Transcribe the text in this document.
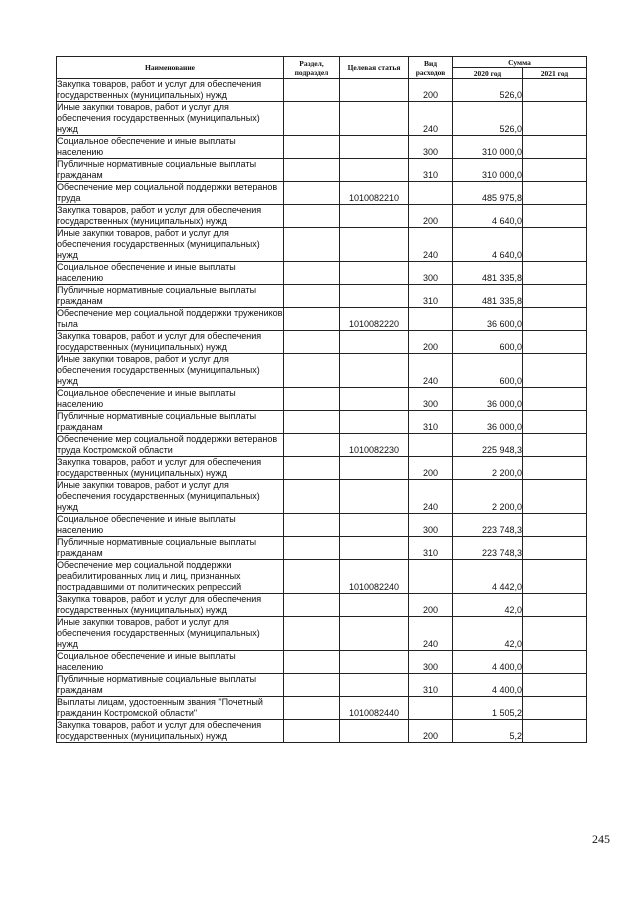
Наименование	Раздел, подраздел	Целевая статья	Вид расходов	Сумма	
				2020 год	2021 год
Закупка товаров, работ и услуг для обеспечения государственных (муниципальных) нужд			200	526,0	
Иные закупки товаров, работ и услуг для обеспечения государственных (муниципальных) нужд			240	526,0	
Социальное обеспечение и иные выплаты населению			300	310 000,0	
Публичные нормативные социальные выплаты гражданам			310	310 000,0	
Обеспечение мер социальной поддержки ветеранов труда		1010082210		485 975,8	
Закупка товаров, работ и услуг для обеспечения государственных (муниципальных) нужд			200	4 640,0	
Иные закупки товаров, работ и услуг для обеспечения государственных (муниципальных) нужд			240	4 640,0	
Социальное обеспечение и иные выплаты населению			300	481 335,8	
Публичные нормативные социальные выплаты гражданам			310	481 335,8	
Обеспечение мер социальной поддержки тружеников тыла		1010082220		36 600,0	
Закупка товаров, работ и услуг для обеспечения государственных (муниципальных) нужд			200	600,0	
Иные закупки товаров, работ и услуг для обеспечения государственных (муниципальных) нужд			240	600,0	
Социальное обеспечение и иные выплаты населению			300	36 000,0	
Публичные нормативные социальные выплаты гражданам			310	36 000,0	
Обеспечение мер социальной поддержки ветеранов труда Костромской области		1010082230		225 948,3	
Закупка товаров, работ и услуг для обеспечения государственных (муниципальных) нужд			200	2 200,0	
Иные закупки товаров, работ и услуг для обеспечения государственных (муниципальных) нужд			240	2 200,0	
Социальное обеспечение и иные выплаты населению			300	223 748,3	
Публичные нормативные социальные выплаты гражданам			310	223 748,3	
Обеспечение мер социальной поддержки реабилитированных лиц и лиц, признанных пострадавшими от политических репрессий		1010082240		4 442,0	
Закупка товаров, работ и услуг для обеспечения государственных (муниципальных) нужд			200	42,0	
Иные закупки товаров, работ и услуг для обеспечения государственных (муниципальных) нужд			240	42,0	
Социальное обеспечение и иные выплаты населению			300	4 400,0	
Публичные нормативные социальные выплаты гражданам			310	4 400,0	
Выплаты лицам, удостоенным звания "Почетный гражданин Костромской области"		1010082440		1 505,2	
Закупка товаров, работ и услуг для обеспечения государственных (муниципальных) нужд			200	5,2	
245
